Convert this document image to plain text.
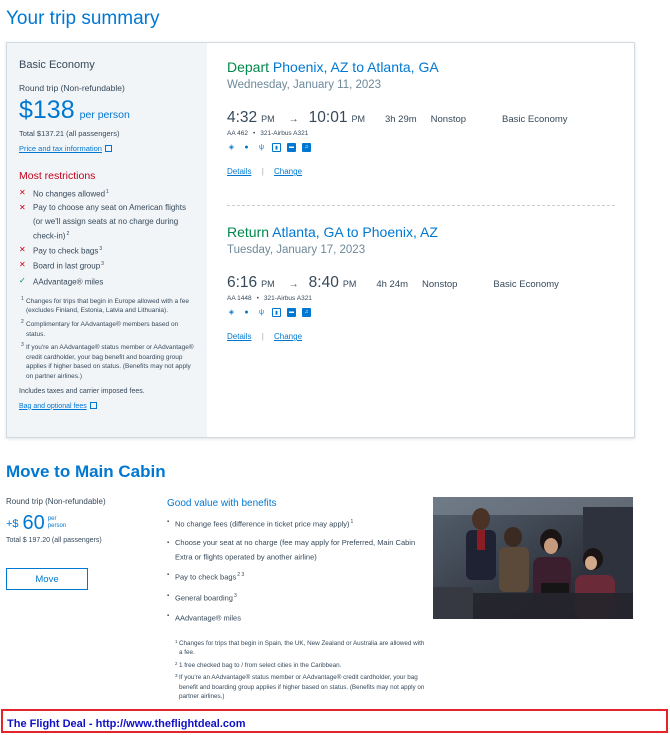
Your trip summary
Basic Economy
Round trip (Non-refundable)
$138 per person
Total $137.21 (all passengers)
Price and tax information
Most restrictions
✕ No changes allowed$^1$
✕ Pay to choose any seat on American flights (or we'll assign seats at no charge during check-in)$^2$
✕ Pay to check bags$^3$
✕ Board in last group$^3$
✓ AAdvantage® miles
1 Changes for trips that begin in Europe allowed with a fee (excludes Finland, Estonia, Latvia and Lithuania).
2 Complimentary for AAdvantage® members based on status.
3 If you're an AAdvantage® status member or AAdvantage® credit cardholder, your bag benefit and boarding group applies if higher based on status. (Benefits may not apply on partner airlines.)
Includes taxes and carrier imposed fees.
Bag and optional fees
Depart Phoenix, AZ to Atlanta, GA
Wednesday, January 11, 2023
4:32 PM → 10:01 PM 3h 29m Nonstop	Basic Economy
AA 462 • 321-Airbus A321
◈	●	ψ	▮	▬	♫
Details | Change
Return Atlanta, GA to Phoenix, AZ
Tuesday, January 17, 2023
6:16 PM → 8:40 PM 4h 24m Nonstop	Basic Economy
AA 1448 • 321-Airbus A321
◈	●	ψ	▮	▬	♫
Details | Change
Move to Main Cabin
Round trip (Non-refundable)
+$ 60 per
person
Total $ 197.20 (all passengers)
Move
Good value with benefits
▪ No change fees (difference in ticket price may apply)$^1$
▪ Choose your seat at no charge (fee may apply for Preferred, Main Cabin Extra or flights operated by another airline)
▪ Pay to check bags$^{2 3}$
▪ General boarding$^3$
▪ AAdvantage® miles
1 Changes for trips that begin in Spain, the UK, New Zealand or Australia are allowed with a fee.
2 1 free checked bag to / from select cities in the Caribbean.
3 If you're an AAdvantage® status member or AAdvantage® credit cardholder, your bag benefit and boarding group applies if higher based on status. (Benefits may not apply on partner airlines.)
The Flight Deal - http://www.theflightdeal.com
